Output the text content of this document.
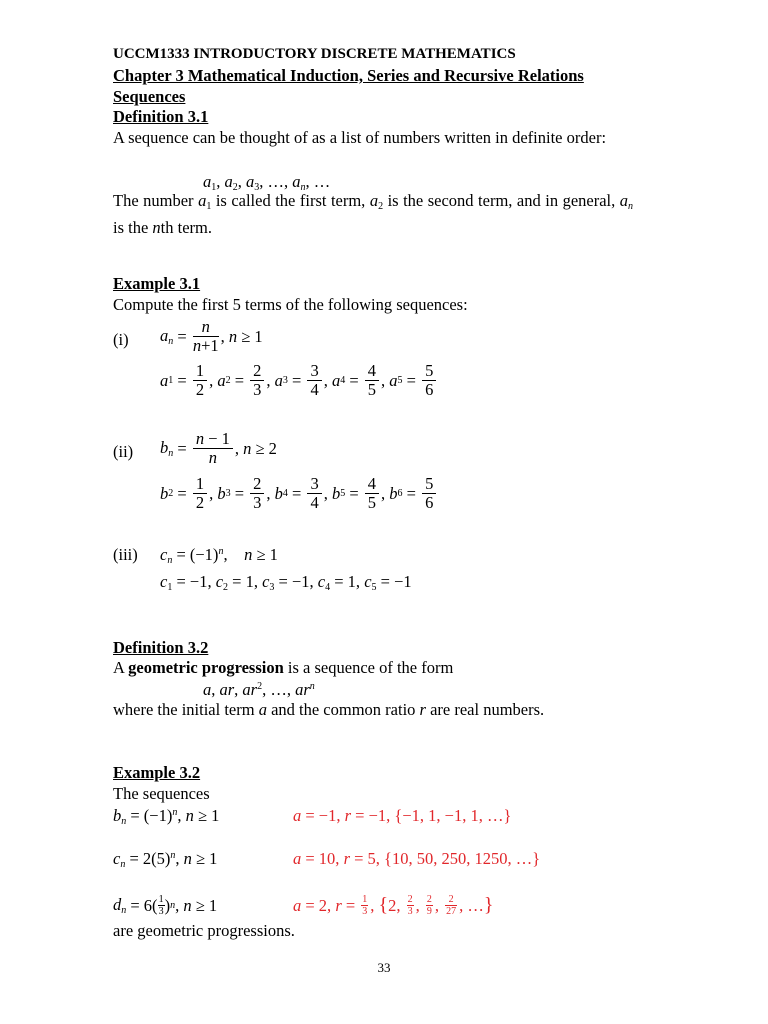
UCCM1333 INTRODUCTORY DISCRETE MATHEMATICS
Chapter 3 Mathematical Induction, Series and Recursive Relations
Sequences
Definition 3.1
A sequence can be thought of as a list of numbers written in definite order:
$a_1$, $a_2$, $a_3$, …, $a_n$, …
The number $a_1$ is called the first term, $a_2$ is the second term, and in general, $a_n$ is the nth term.
Example 3.1
Compute the first 5 terms of the following sequences:
(i) $a_n = \frac{n}{n+1}$ , n ≥ 1
a $1 = \frac{1}{2}$ , a $2 = \frac{2}{3}$ , a $3 = \frac{3}{4}$ , a $4 = \frac{4}{5}$ , a $5 = \frac{5}{6}$
(ii) $b_n = \frac{n - 1}{n}$ , n ≥ 2
b $2 = \frac{1}{2}$ , b $3 = \frac{2}{3}$ , b $4 = \frac{3}{4}$ , b $5 = \frac{4}{5}$ , b $6 = \frac{5}{6}$
(iii) $c_n = (-1)^n$,    n ≥ 1
$c_1 = -1$, $c_2 = 1$, $c_3 = -1$, $c_4 = 1$, $c_5 = -1$
Definition 3.2
A geometric progression is a sequence of the form
a, ar, $ar^2$, …, $ar^n$
where the initial term a and the common ratio r are real numbers.
Example 3.2
The sequences
$b_n = (-1)^n$, n ≥ 1	a = −1, r = −1, {−1, 1, −1, 1, …}
$c_n = 2(5)^n$, n ≥ 1	a = 10, r = 5, {10, 50, 250, 1250, …}
$d_n = 6( \frac{1}{3}$ ) n , n ≥ 1	a = 2, $r = \frac{1}{3}$ , { 2, $\frac{2}{3}$ , $\frac{2}{9}$ , $\frac{2}{27}$ , … }
are geometric progressions.
33
